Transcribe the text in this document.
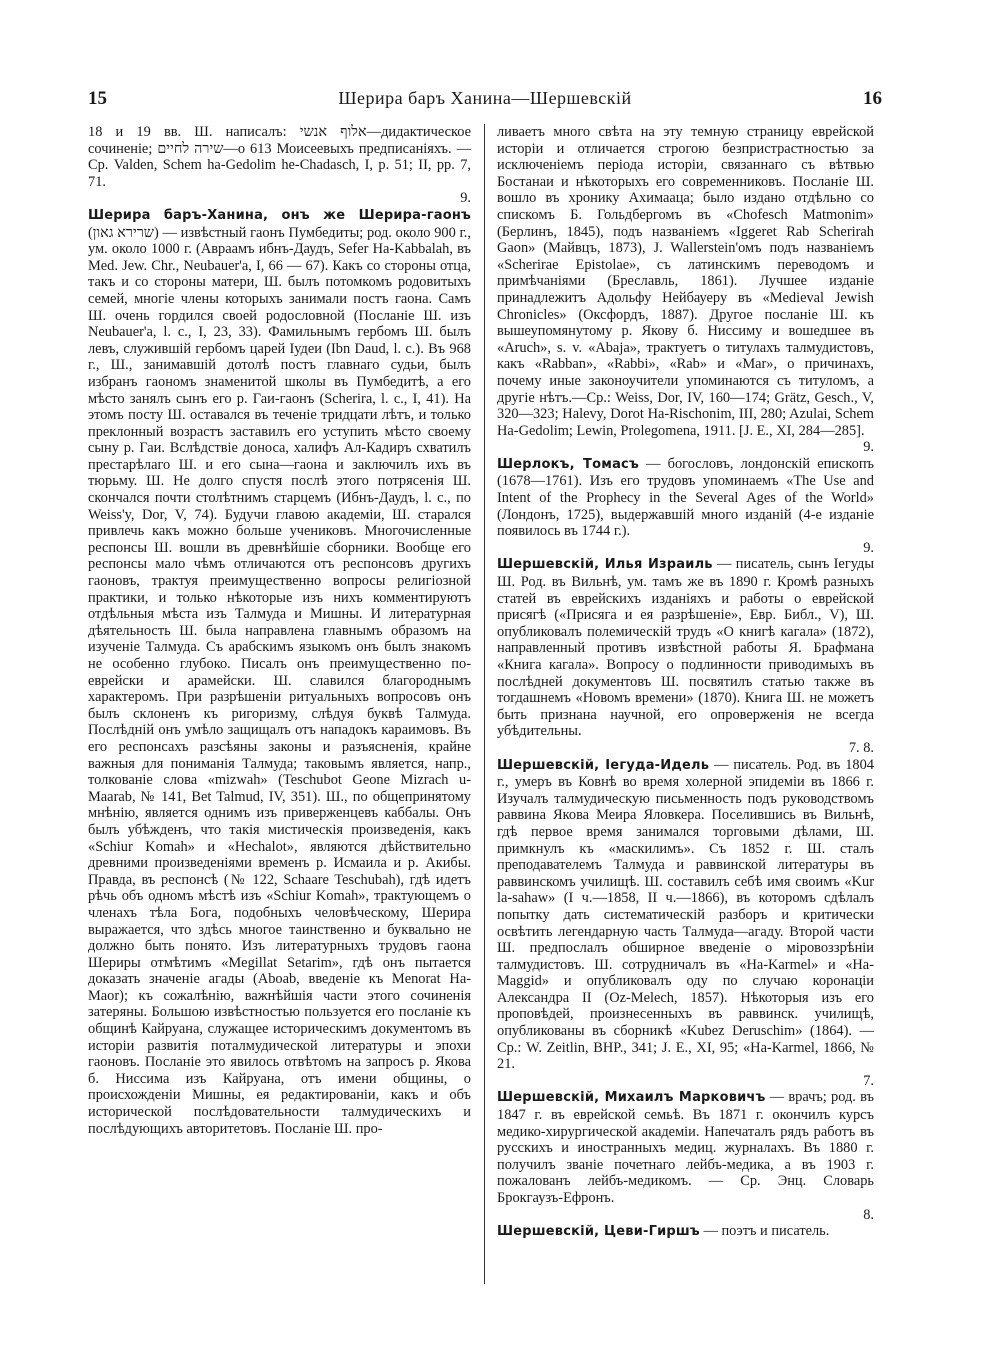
15	Шерира баръ Ханина—Шершевскій	16

18 и 19 вв. Ш. написалъ: אלוף אנשי—дидактическое сочиненіе; שירה לחיים—о 613 Моисеевыхъ предписаніяхъ. — Ср. Valden, Schem ha-Gedolim he-Chadasch, I, p. 51; II, pp. 7, 71.
9.

Шерира баръ-Ханина, онъ же Шерира-гаонъ (שרירא גאון) — извѣстный гаонъ Пумбедиты; род. около 900 г., ум. около 1000 г. (Авраамъ ибнъ-Даудъ, Sefer Ha-Kabbalah, въ Med. Jew. Chr., Neubauer'a, I, 66 — 67). Какъ со стороны отца, такъ и со стороны матери, Ш. былъ потомкомъ родовитыхъ семей, многіе члены которыхъ занимали постъ гаона. Самъ Ш. очень гордился своей родословной (Посланіе Ш. изъ Neubauer'a, l. c., I, 23, 33). Фамильнымъ гербомъ Ш. былъ левъ, служившій гербомъ царей Іудеи (Ibn Daud, l. c.). Въ 968 г., Ш., занимавшій дотолѣ постъ главнаго судьи, былъ избранъ гаономъ знаменитой школы въ Пумбедитѣ, а его мѣсто занялъ сынъ его р. Гаи-гаонъ (Scherira, l. c., I, 41). На этомъ посту Ш. оставался въ теченіе тридцати лѣтъ, и только преклонный возрастъ заставилъ его уступить мѣсто своему сыну р. Гаи. Вслѣдствіе доноса, халифъ Ал-Кадиръ схватилъ престарѣлаго Ш. и его сына—гаона и заключилъ ихъ въ тюрьму. Ш. Не долго спустя послѣ этого потрясенія Ш. скончался почти столѣтнимъ старцемъ (Ибнъ-Даудъ, l. c., по Weiss'y, Dor, V, 74). Будучи главою академіи, Ш. старался привлечь какъ можно больше учениковъ. Многочисленные респонсы Ш. вошли въ древнѣйшіе сборники. Вообще его респонсы мало чѣмъ отличаются отъ респонсовъ другихъ гаоновъ, трактуя преимущественно вопросы религіозной практики, и только нѣкоторые изъ нихъ комментируютъ отдѣльныя мѣста изъ Талмуда и Мишны. И литературная дѣятельность Ш. была направлена главнымъ образомъ на изученіе Талмуда. Съ арабскимъ языкомъ онъ былъ знакомъ не особенно глубоко. Писалъ онъ преимущественно по-еврейски и арамейски. Ш. славился благороднымъ характеромъ. При разрѣшеніи ритуальныхъ вопросовъ онъ былъ склоненъ къ ригоризму, слѣдуя буквѣ Талмуда. Послѣдній онъ умѣло защищалъ отъ нападокъ караимовъ. Въ его респонсахъ разсѣяны законы и разъясненія, крайне важныя для пониманія Талмуда; таковымъ является, напр., толкованіе слова «mizwah» (Teschubot Geone Mizrach u-Maarab, № 141, Bet Talmud, IV, 351). Ш., по общепринятому мнѣнію, является однимъ изъ приверженцевъ каббалы. Онъ былъ убѣжденъ, что такія мистическія произведенія, какъ «Schiur Komah» и «Hechalot», являются дѣйствительно древними произведеніями временъ р. Исмаила и р. Акибы. Правда, въ респонсѣ (№ 122, Schaare Teschubah), гдѣ идетъ рѣчь объ одномъ мѣстѣ изъ «Schiur Komah», трактующемъ о членахъ тѣла Бога, подобныхъ человѣческому, Шерира выражается, что здѣсь многое таинственно и буквально не должно быть понято. Изъ литературныхъ трудовъ гаона Шериры отмѣтимъ «Megillat Setarim», гдѣ онъ пытается доказать значеніе агады (Aboab, введеніе къ Menorat Ha-Maor); къ сожалѣнію, важнѣйшія части этого сочиненія затеряны. Большою извѣстностью пользуется его посланіе къ общинѣ Кайруана, служащее историческимъ документомъ въ исторіи развитія поталмудической литературы и эпохи гаоновъ. Посланіе это явилось отвѣтомъ на запросъ р. Якова б. Ниссима изъ Кайруана, отъ имени общины, о происхожденіи Мишны, ея редактированіи, какъ и объ исторической послѣдовательности талмудическихъ и послѣдующихъ авторитетовъ. Посланіе Ш. про-

ливаетъ много свѣта на эту темную страницу еврейской исторіи и отличается строгою безпристрастностью за исключеніемъ періода исторіи, связаннаго съ вѣтвью Бостанаи и нѣкоторыхъ его современниковъ. Посланіе Ш. вошло въ хронику Ахимааца; было издано отдѣльно со спискомъ Б. Гольдбергомъ въ «Chofesch Matmonim» (Берлинъ, 1845), подъ названіемъ «Iggeret Rab Scherirah Gaon» (Майвцъ, 1873), J. Wallerstein'омъ подъ названіемъ «Scherirae Epistolae», съ латинскимъ переводомъ и примѣчаніями (Бреславль, 1861). Лучшее изданіе принадлежитъ Адольфу Нейбауеру въ «Medieval Jewish Chronicles» (Оксфордъ, 1887). Другое посланіе Ш. къ вышеупомянутому р. Якову б. Ниссиму и вошедшее въ «Aruch», s. v. «Abaja», трактуетъ о титулахъ талмудистовъ, какъ «Rabban», «Rabbi», «Rab» и «Mar», о причинахъ, почему иные законоучители упоминаются съ титуломъ, а другіе нѣтъ.—Ср.: Weiss, Dor, IV, 160—174; Grätz, Gesch., V, 320—323; Halevy, Dorot Ha-Rischonim, III, 280; Azulai, Schem Ha-Gedolim; Lewin, Prolegomena, 1911. [J. E., XI, 284—285].
9.

Шерлокъ, Томасъ — богословъ, лондонскій епископъ (1678—1761). Изъ его трудовъ упоминаемъ «The Use and Intent of the Prophecy in the Several Ages of the World» (Лондонъ, 1725), выдержавшій много изданій (4-е изданіе появилось въ 1744 г.).
9.

Шершевскій, Илья Израиль — писатель, сынъ Іегуды Ш. Род. въ Вильнѣ, ум. тамъ же въ 1890 г. Кромѣ разныхъ статей въ еврейскихъ изданіяхъ и работы о еврейской присягѣ («Присяга и ея разрѣшеніе», Евр. Библ., V), Ш. опубликовалъ полемическій трудъ «О книгѣ кагала» (1872), направленный противъ извѣстной работы Я. Брафмана «Книга кагала». Вопросу о подлинности приводимыхъ въ послѣдней документовъ Ш. посвятилъ статью также въ тогдашнемъ «Новомъ времени» (1870). Книга Ш. не можетъ быть признана научной, его опроверженія не всегда убѣдительны.
7. 8.

Шершевскій, Іегуда-Идель — писатель. Род. въ 1804 г., умеръ въ Ковнѣ во время холерной эпидеміи въ 1866 г. Изучалъ талмудическую письменность подъ руководствомъ раввина Якова Меира Яловкера. Поселившись въ Вильнѣ, гдѣ первое время занимался торговыми дѣлами, Ш. примкнулъ къ «маскилимъ». Съ 1852 г. Ш. сталъ преподавателемъ Талмуда и раввинской литературы въ раввинскомъ училищѣ. Ш. составилъ себѣ имя своимъ «Kur la-sahaw» (I ч.—1858, II ч.—1866), въ которомъ сдѣлалъ попытку дать систематическій разборъ и критически освѣтить легендарную часть Талмуда—агаду. Второй части Ш. предпослалъ обширное введеніе о міровоззрѣніи талмудистовъ. Ш. сотрудничалъ въ «Ha-Karmel» и «Ha-Maggid» и опубликовалъ оду по случаю коронаціи Александра II (Oz-Melech, 1857). Нѣкоторыя изъ его проповѣдей, произнесенныхъ въ раввинск. училищѣ, опубликованы въ сборникѣ «Kubez Deruschim» (1864). — Ср.: W. Zeitlin, BHP., 341; J. E., XI, 95; «Ha-Karmel, 1866, № 21.
7.

Шершевскій, Михаилъ Марковичъ — врачъ; род. въ 1847 г. въ еврейской семьѣ. Въ 1871 г. окончилъ курсъ медико-хирургической академіи. Напечаталъ рядъ работъ въ русскихъ и иностранныхъ медиц. журналахъ. Въ 1880 г. получилъ званіе почетнаго лейбъ-медика, а въ 1903 г. пожалованъ лейбъ-медикомъ. — Ср. Энц. Словарь Брокгаузъ-Ефронъ.
8.

Шершевскій, Цеви-Гиршъ — поэтъ и писатель.
